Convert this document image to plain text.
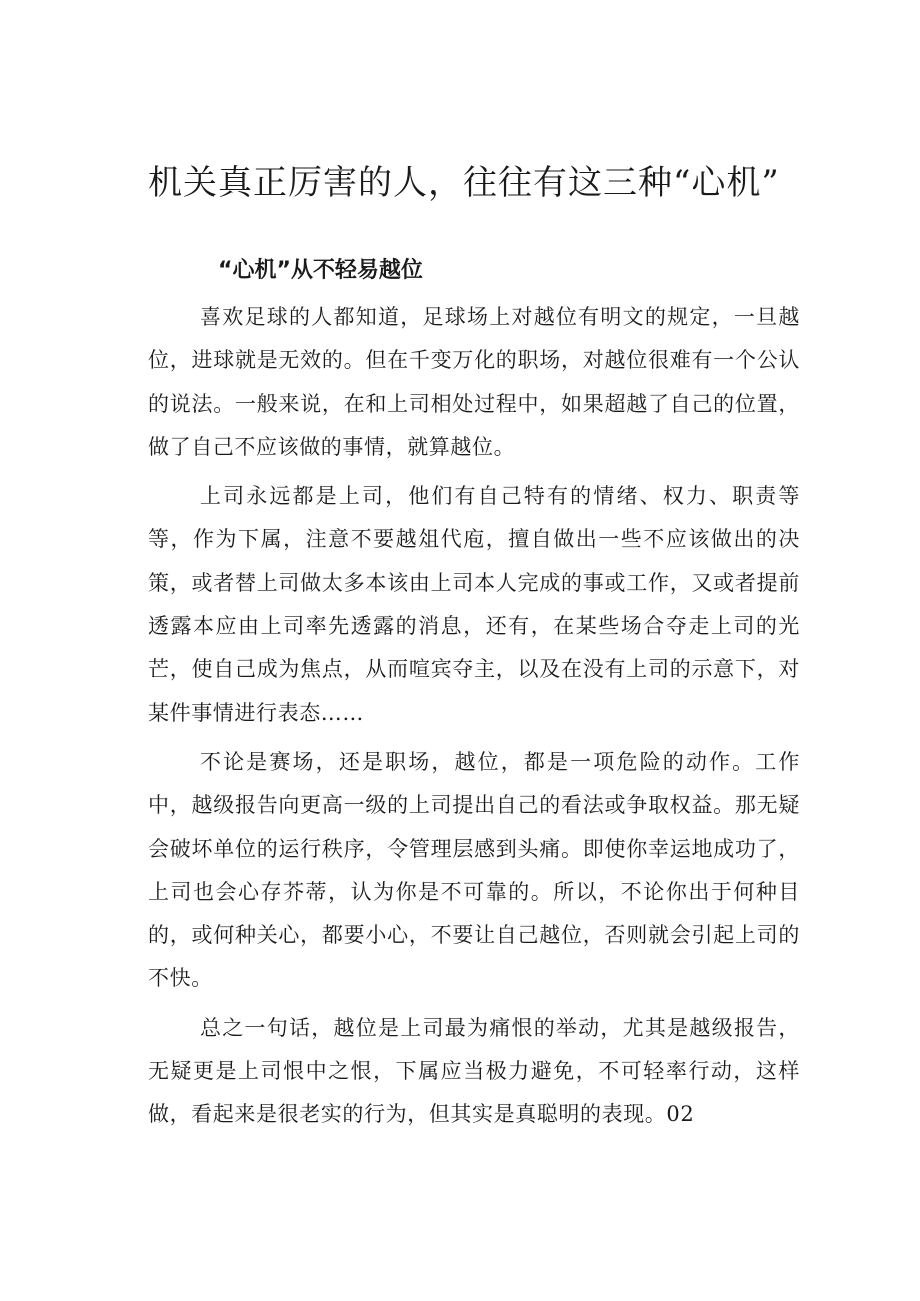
机关真正厉害的人，往往有这三种“心机”
“心机”从不轻易越位

喜欢足球的人都知道，足球场上对越位有明文的规定，一旦越位，进球就是无效的。但在千变万化的职场，对越位很难有一个公认的说法。一般来说，在和上司相处过程中，如果超越了自己的位置，做了自己不应该做的事情，就算越位。

上司永远都是上司，他们有自己特有的情绪、权力、职责等等，作为下属，注意不要越俎代庖，擅自做出一些不应该做出的决策，或者替上司做太多本该由上司本人完成的事或工作，又或者提前透露本应由上司率先透露的消息，还有，在某些场合夺走上司的光芒，使自己成为焦点，从而喧宾夺主，以及在没有上司的示意下，对某件事情进行表态……

不论是赛场，还是职场，越位，都是一项危险的动作。工作中，越级报告向更高一级的上司提出自己的看法或争取权益。那无疑会破坏单位的运行秩序，令管理层感到头痛。即使你幸运地成功了，上司也会心存芥蒂，认为你是不可靠的。所以，不论你出于何种目的，或何种关心，都要小心，不要让自己越位，否则就会引起上司的不快。

总之一句话，越位是上司最为痛恨的举动，尤其是越级报告，无疑更是上司恨中之恨，下属应当极力避免，不可轻率行动，这样做，看起来是很老实的行为，但其实是真聪明的表现。02
